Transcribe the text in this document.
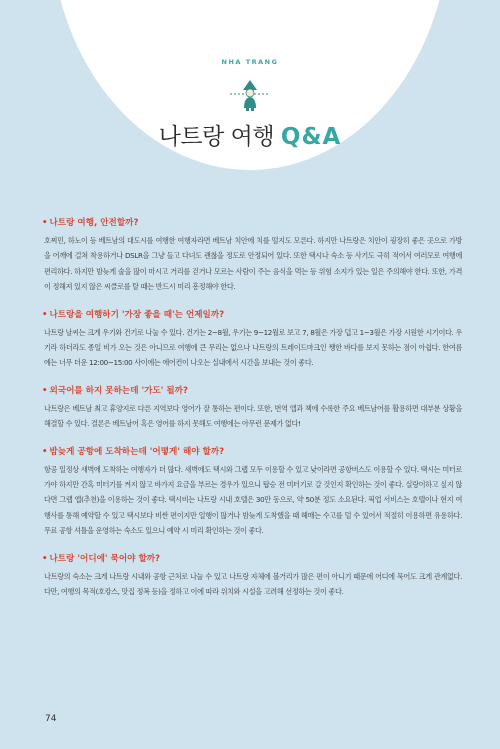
NHA TRANG
나트랑 여행 Q&A
• 나트랑 여행, 안전할까?

호찌민, 하노이 등 베트남의 대도시를 여행한 여행자라면 베트남 치안에 치를 떨지도 모른다. 하지만 나트랑은 치안이 굉장히 좋은 곳으로 가방을 어깨에 걸쳐 착용하거나 DSLR을 그냥 들고 다녀도 괜찮을 정도로 안정되어 있다. 또한 택시나 숙소 등 사기도 극히 적어서 여러모로 여행에 편리하다. 하지만 밤늦게 술을 많이 마시고 거리를 걷거나 모르는 사람이 주는 음식을 먹는 등 위험 소지가 있는 일은 주의해야 한다. 또한, 가격이 정해져 있지 않은 씨클로를 탈 때는 반드시 미리 흥정해야 한다.

• 나트랑을 여행하기 '가장 좋을 때'는 언제일까?

나트랑 날씨는 크게 우기와 건기로 나눌 수 있다. 건기는 2~8월, 우기는 9~12월로 보고 7, 8월은 가장 덥고 1~3월은 가장 시원한 시기이다. 우기라 하더라도 종일 비가 오는 것은 아니므로 여행에 큰 무리는 없으나 나트랑의 트레이드마크인 쨍한 바다를 보지 못하는 점이 아쉽다. 한여름에는 너무 더운 12:00~15:00 사이에는 에어컨이 나오는 실내에서 시간을 보내는 것이 좋다.

• 외국어를 하지 못하는데 '가도' 될까?

나트랑은 베트남 최고 휴양지로 다른 지역보다 영어가 잘 통하는 편이다. 또한, 번역 앱과 책에 수록한 주요 베트남어를 활용하면 대부분 상황을 해결할 수 있다. 결론은 베트남어 혹은 영어를 하지 못해도 여행에는 아무런 문제가 없다!

• 밤늦게 공항에 도착하는데 '어떻게' 해야 할까?

항공 일정상 새벽에 도착하는 여행자가 더 많다. 새벽에도 택시와 그랩 모두 이용할 수 있고 낮이라면 공항버스도 이용할 수 있다. 택시는 미터로 가야 하지만 간혹 미터기를 켜지 않고 바가지 요금을 부르는 경우가 있으니 탑승 전 미터기로 갈 것인지 확인하는 것이 좋다. 실랑이하고 싶지 않다면 그랩 앱(추천)을 이용하는 것이 좋다. 택시비는 나트랑 시내 호텔은 30만 동으로, 약 50분 정도 소요된다. 픽업 서비스는 호텔이나 현지 여행사를 통해 예약할 수 있고 택시보다 비싼 편이지만 일행이 많거나 밤늦게 도착했을 때 헤매는 수고를 덜 수 있어서 적절히 이용하면 유용하다. 무료 공항 셔틀을 운영하는 숙소도 있으니 예약 시 미리 확인하는 것이 좋다.

• 나트랑 '어디에' 묵어야 할까?

나트랑의 숙소는 크게 나트랑 시내와 공항 근처로 나눌 수 있고 나트랑 자체에 볼거리가 많은 편이 아니기 때문에 어디에 묵어도 크게 관계없다. 다만, 여행의 목적(호캉스, 맛집 정복 등)을 정하고 이에 따라 위치와 시설을 고려해 선정하는 것이 좋다.

74
